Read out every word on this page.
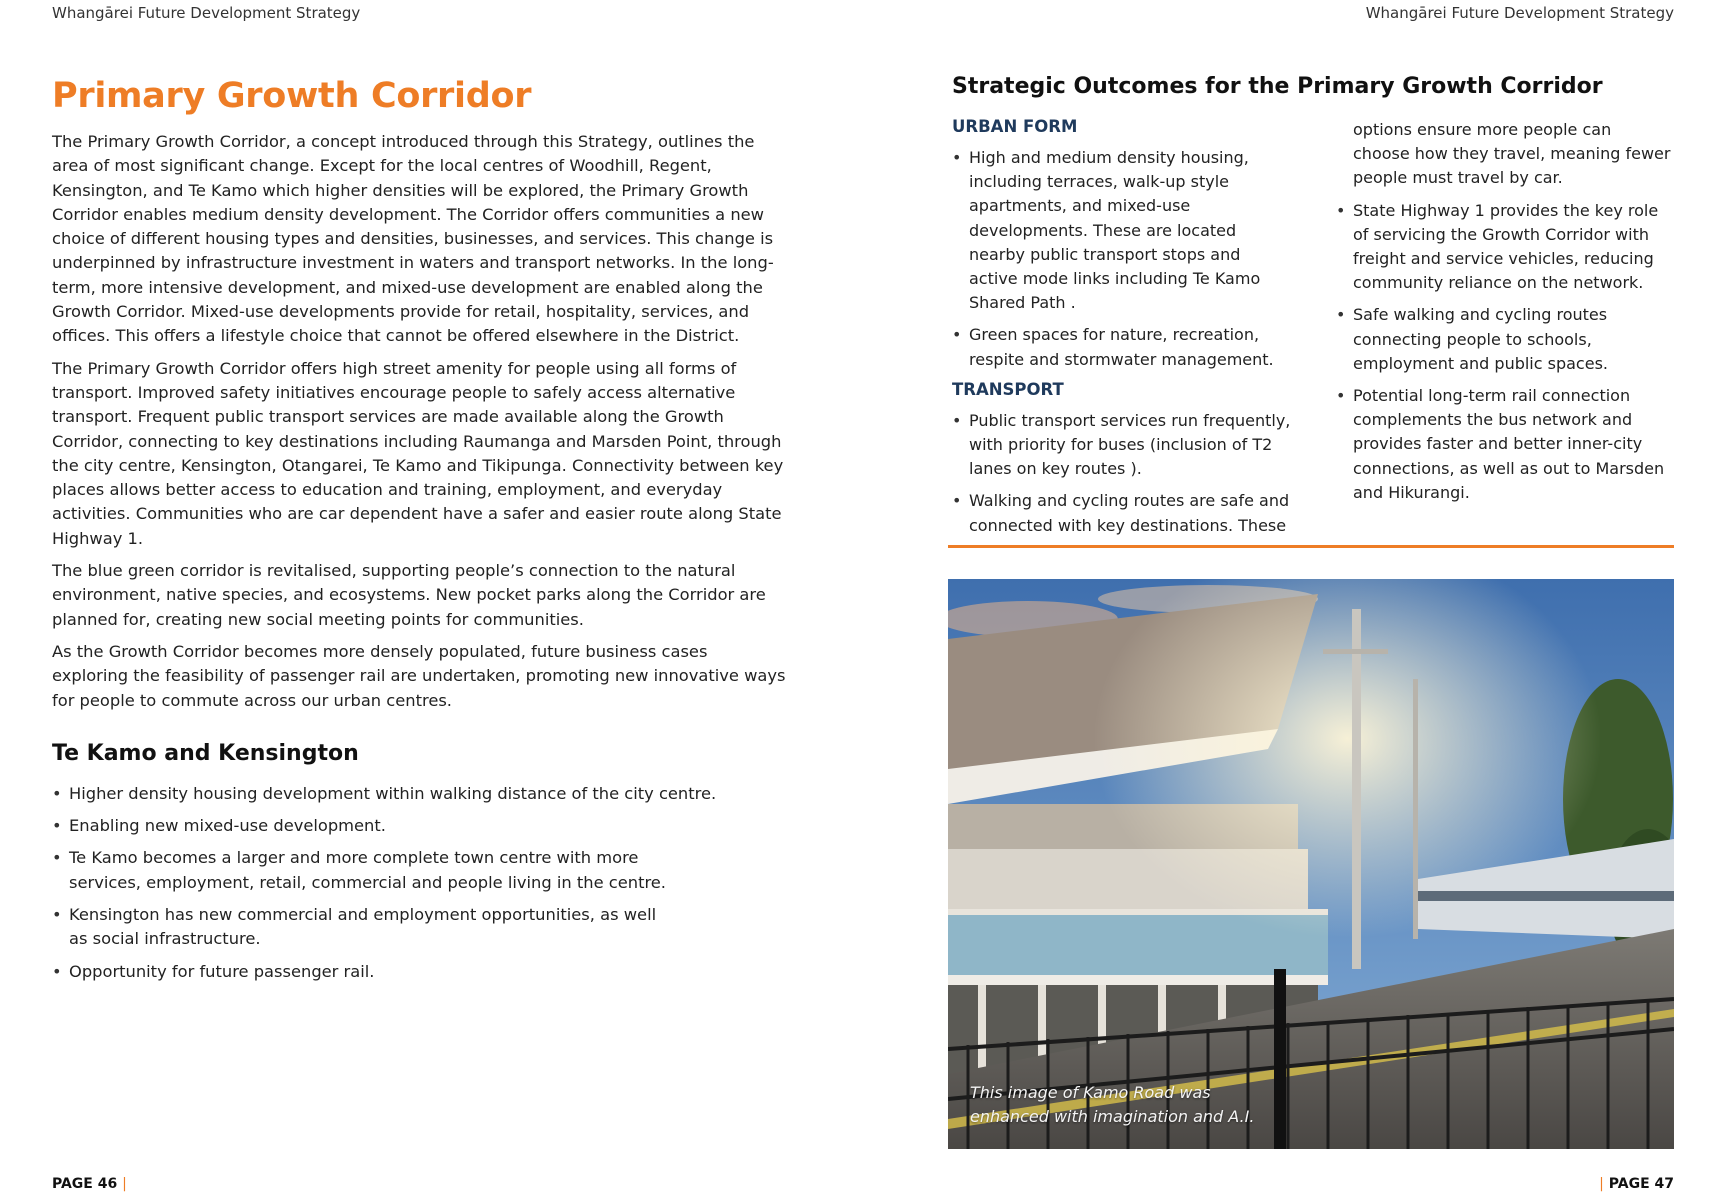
Whangārei Future Development Strategy	Whangārei Future Development Strategy
Primary Growth Corridor

The Primary Growth Corridor, a concept introduced through this Strategy, outlines the area of most significant change. Except for the local centres of Woodhill, Regent, Kensington, and Te Kamo which higher densities will be explored, the Primary Growth Corridor enables medium density development. The Corridor offers communities a new choice of different housing types and densities, businesses, and services. This change is underpinned by infrastructure investment in waters and transport networks. In the long-term, more intensive development, and mixed-use development are enabled along the Growth Corridor. Mixed-use developments provide for retail, hospitality, services, and offices. This offers a lifestyle choice that cannot be offered elsewhere in the District.

The Primary Growth Corridor offers high street amenity for people using all forms of transport. Improved safety initiatives encourage people to safely access alternative transport. Frequent public transport services are made available along the Growth Corridor, connecting to key destinations including Raumanga and Marsden Point, through the city centre, Kensington, Otangarei, Te Kamo and Tikipunga. Connectivity between key places allows better access to education and training, employment, and everyday activities. Communities who are car dependent have a safer and easier route along State Highway 1.

The blue green corridor is revitalised, supporting people’s connection to the natural environment, native species, and ecosystems. New pocket parks along the Corridor are planned for, creating new social meeting points for communities.

As the Growth Corridor becomes more densely populated, future business cases exploring the feasibility of passenger rail are undertaken, promoting new innovative ways for people to commute across our urban centres.

Te Kamo and Kensington
• Higher density housing development within walking distance of the city centre.
• Enabling new mixed-use development.
• Te Kamo becomes a larger and more complete town centre with more services, employment, retail, commercial and people living in the centre.
• Kensington has new commercial and employment opportunities, as well as social infrastructure.
• Opportunity for future passenger rail.
Strategic Outcomes for the Primary Growth Corridor
URBAN FORM
• High and medium density housing, including terraces, walk-up style apartments, and mixed-use developments. These are located nearby public transport stops and active mode links including Te Kamo Shared Path .
• Green spaces for nature, recreation, respite and stormwater management.
TRANSPORT
• Public transport services run frequently, with priority for buses (inclusion of T2 lanes on key routes ).
• Walking and cycling routes are safe and connected with key destinations. These

options ensure more people can choose how they travel, meaning fewer people must travel by car.

• State Highway 1 provides the key role of servicing the Growth Corridor with freight and service vehicles, reducing community reliance on the network.
• Safe walking and cycling routes connecting people to schools, employment and public spaces.
• Potential long-term rail connection complements the bus network and provides faster and better inner-city connections, as well as out to Marsden and Hikurangi.
This image of Kamo Road was enhanced with imagination and A.I.
PAGE 46 |	| PAGE 47
